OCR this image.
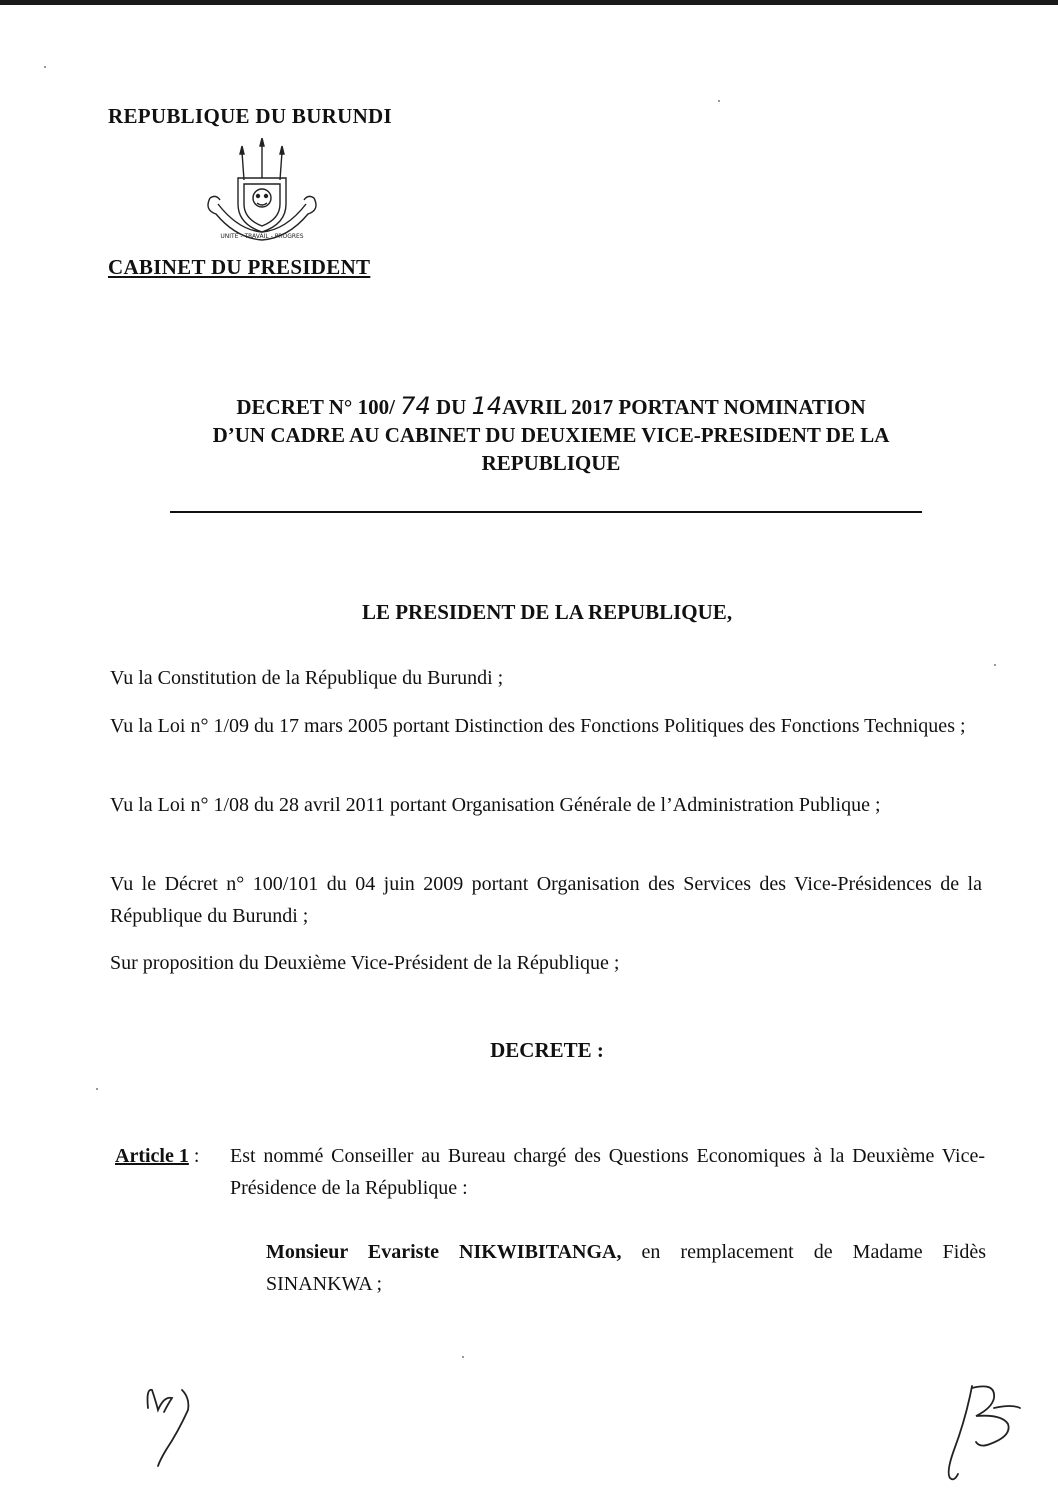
REPUBLIQUE DU BURUNDI
UNITE - TRAVAIL - PROGRES
CABINET DU PRESIDENT
DECRET N° 100/ 74 DU 14AVRIL 2017 PORTANT NOMINATION
D’UN CADRE AU CABINET DU DEUXIEME VICE-PRESIDENT DE LA
REPUBLIQUE
LE PRESIDENT DE LA REPUBLIQUE,
Vu la Constitution de la République du Burundi ;
Vu la Loi n° 1/09 du 17 mars 2005 portant Distinction des Fonctions Politiques des Fonctions Techniques ;
Vu la Loi n° 1/08 du 28 avril 2011 portant Organisation Générale de l’Administration Publique ;
Vu le Décret n° 100/101 du 04 juin 2009 portant Organisation des Services des Vice-Présidences de la République du Burundi ;
Sur proposition du Deuxième Vice-Président de la République ;
DECRETE :
Article 1 : Est nommé Conseiller au Bureau chargé des Questions Economiques à la Deuxième Vice-Présidence de la République :
Monsieur Evariste NIKWIBITANGA, en remplacement de Madame Fidès SINANKWA ;
